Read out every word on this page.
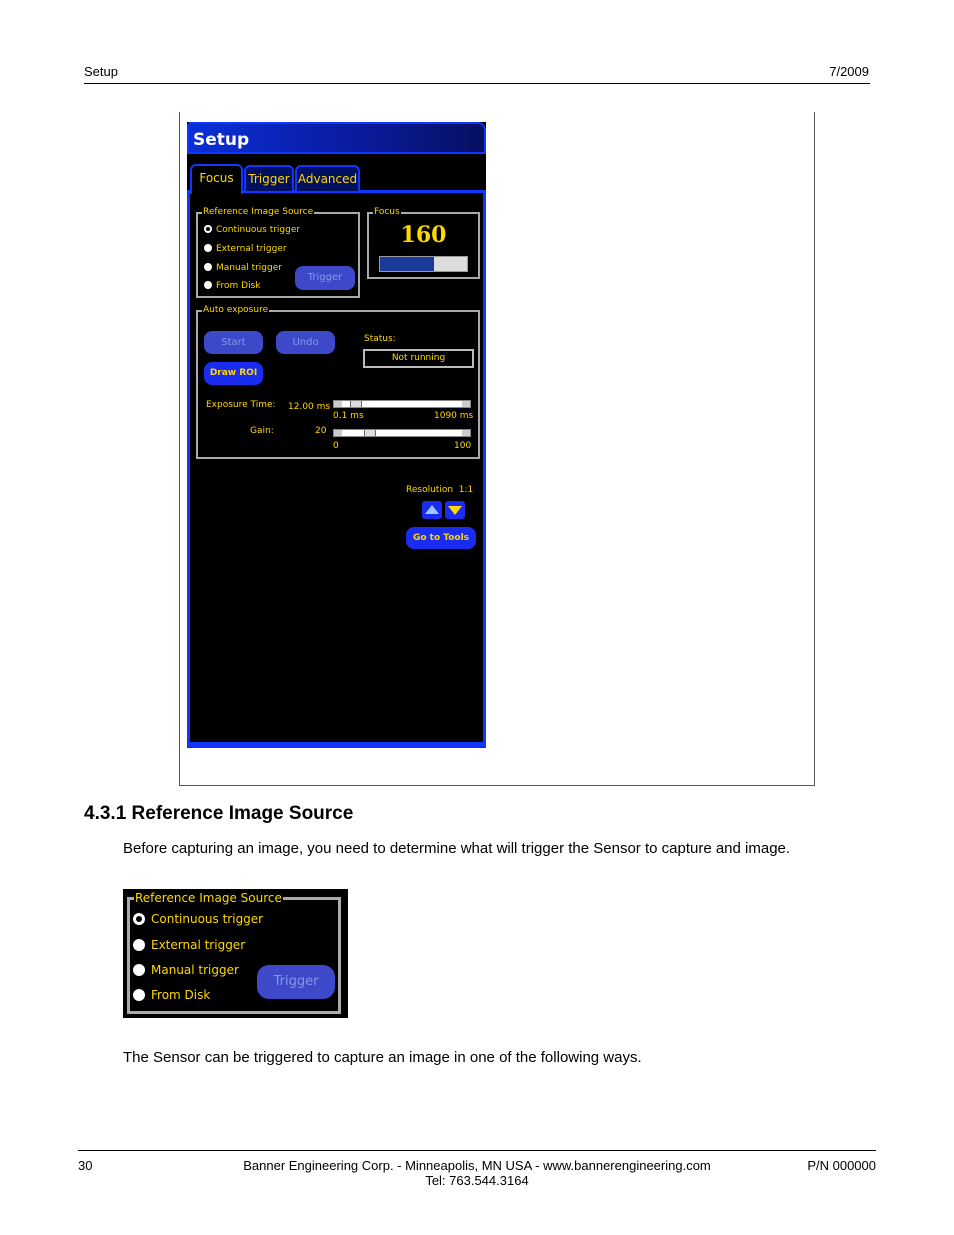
Setup	7/2009
Setup
Focus	Trigger Advanced
Reference Image Source
Continuous trigger
External trigger
Manual trigger
From Disk
Trigger
Focus
160
Auto exposure
Start	Undo	Status:
Not running
Draw ROI
Exposure Time: 12.00 ms
0.1 ms	1090 ms
Gain:	20
0	100
Resolution 1:1
Go to Tools
4.3.1 Reference Image Source
Before capturing an image, you need to determine what will trigger the Sensor to capture and image.
Reference Image Source
Continuous trigger
External trigger
Manual trigger
From Disk
Trigger
The Sensor can be triggered to capture an image in one of the following ways.
30	Banner Engineering Corp. - Minneapolis, MN USA - www.bannerengineering.com
Tel: 763.544.3164
P/N 000000
